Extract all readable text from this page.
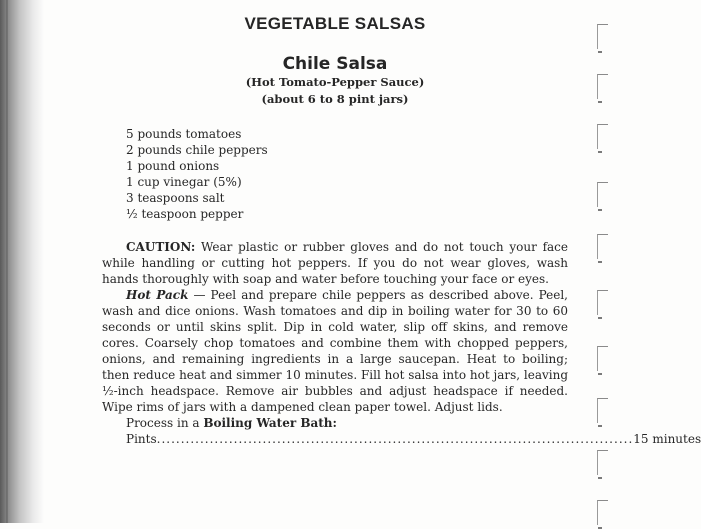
VEGETABLE SALSAS
Chile Salsa

(Hot Tomato-Pepper Sauce)

(about 6 to 8 pint jars)

5 pounds tomatoes
2 pounds chile peppers
1 pound onions
1 cup vinegar (5%)
3 teaspoons salt
½ teaspoon pepper

CAUTION: Wear plastic or rubber gloves and do not touch your face while handling or cutting hot peppers. If you do not wear gloves, wash hands thoroughly with soap and water before touching your face or eyes.

Hot Pack — Peel and prepare chile peppers as described above. Peel, wash and dice onions. Wash tomatoes and dip in boiling water for 30 to 60 seconds or until skins split. Dip in cold water, slip off skins, and remove cores. Coarsely chop tomatoes and combine them with chopped peppers, onions, and remaining ingredients in a large saucepan. Heat to boiling; then reduce heat and simmer 10 minutes. Fill hot salsa into hot jars, leaving ½-inch headspace. Remove air bubbles and adjust headspace if needed. Wipe rims of jars with a dampened clean paper towel. Adjust lids.

Process in a Boiling Water Bath:

Pints ................................................................................................... 15 minutes
